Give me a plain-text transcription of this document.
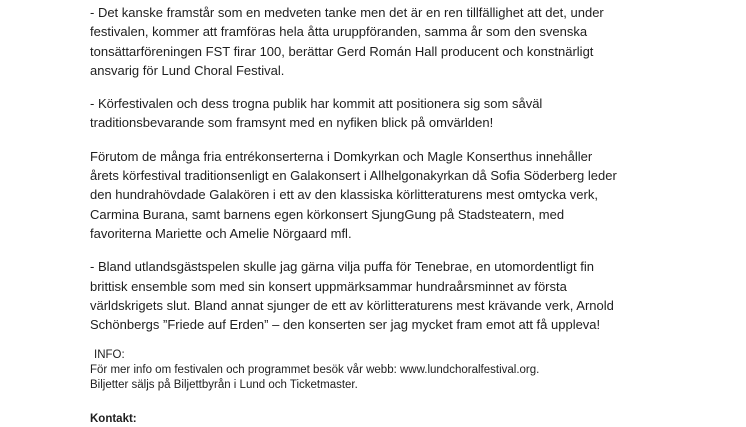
- Det kanske framstår som en medveten tanke men det är en ren tillfällighet att det, under
festivalen, kommer att framföras hela åtta uruppföranden, samma år som den svenska
tonsättarföreningen FST firar 100, berättar Gerd Román Hall producent och konstnärligt
ansvarig för Lund Choral Festival.
- Körfestivalen och dess trogna publik har kommit att positionera sig som såväl
traditionsbevarande som framsynt med en nyfiken blick på omvärlden!
Förutom de många fria entrékonserterna i Domkyrkan och Magle Konserthus innehåller
årets körfestival traditionsenligt en Galakonsert i Allhelgonakyrkan då Sofia Söderberg leder
den hundrahövdade Galakören i ett av den klassiska körlitteraturens mest omtycka verk,
Carmina Burana, samt barnens egen körkonsert SjungGung på Stadsteatern, med
favoriterna Mariette och Amelie Nörgaard mfl.
- Bland utlandsgästspelen skulle jag gärna vilja puffa för Tenebrae, en utomordentligt fin
brittisk ensemble som med sin konsert uppmärksammar hundraårsminnet av första
världskrigets slut. Bland annat sjunger de ett av körlitteraturens mest krävande verk, Arnold
Schönbergs ”Friede auf Erden” – den konserten ser jag mycket fram emot att få uppleva!
INFO:
För mer info om festivalen och programmet besök vår webb: www.lundchoralfestival.org.
Biljetter säljs på Biljettbyrån i Lund och Ticketmaster.
Kontakt:
